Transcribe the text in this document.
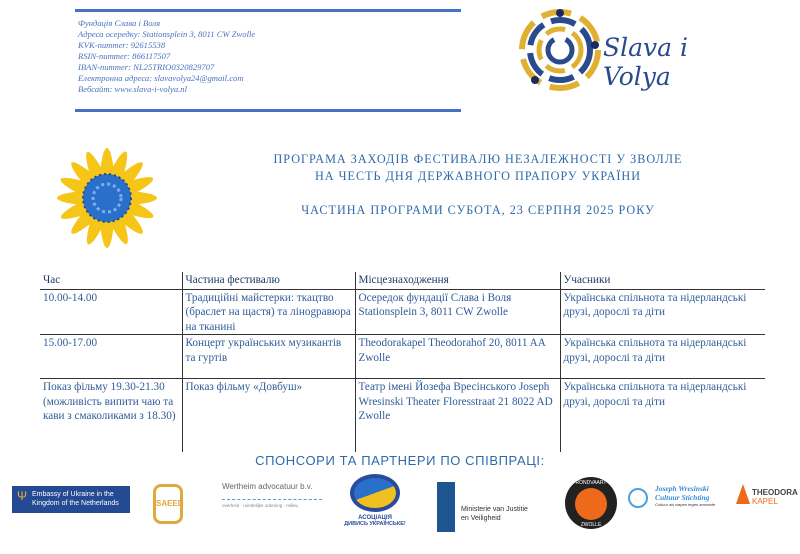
Фундація Слава і Воля
Адреса осередку: Stationsplein 3, 8011 CW Zwolle
KVK-nummer: 92615538
RSIN-nummer: 866117507
IBAN-nummer: NL25TRIO0320829707
Електронна адреса: slavavolya24@gmail.com
Вебсайт: www.slava-i-volya.nl
Slava i Volya
ПРОГРАМА ЗАХОДІВ ФЕСТИВАЛЮ НЕЗАЛЕЖНОСТІ У ЗВОЛЛЕ
НА ЧЕСТЬ ДНЯ ДЕРЖАВНОГО ПРАПОРУ УКРАЇНИ
ЧАСТИНА ПРОГРАМИ СУБОТА, 23 СЕРПНЯ 2025 РОКУ
Час	Частина фестивалю	Місцезнаходження	Учасники
10.00-14.00	Традиційні майстерки: ткацтво (браслет на щастя) та лінogравюра на тканині	Осередок фундації Слава і Воля Stationsplein 3, 8011 CW Zwolle	Українська спільнота та нідерландські друзі, дорослі та діти
15.00-17.00	Концерт українських музикантів та гуртів	Theodorakapel Theodorahof 20, 8011 AA Zwolle	Українська спільнота та нідерландські друзі, дорослі та діти
Показ фільму 19.30-21.30 (можливість випити чаю та кави з смаколиками з 18.30)	Показ фільму «Довбуш»	Театр імені Йозефа Вресінського Joseph Wresinski Theater Floresstraat 21 8022 AD Zwolle	Українська спільнота та нідерландські друзі, дорослі та діти
СПОНСОРИ ТА ПАРТНЕРИ ПО СПІВПРАЦІ:
Ψ Embassy of Ukraine in the Kingdom of the Netherlands	SAEED
Wertheim advocatuur b.v.
overheid · ruimtelijke ordening · milieu
АСОЦІАЦІЯ
ДИВИСЬ УКРАЇНСЬКЕ!
Ministerie van Justitie
en Veiligheid
RONDVAART
ZWOLLE
Joseph Wresinski
Cultuur Stichting
Cultuur als wapen tegen armoede
THEODORA
KAPEL
